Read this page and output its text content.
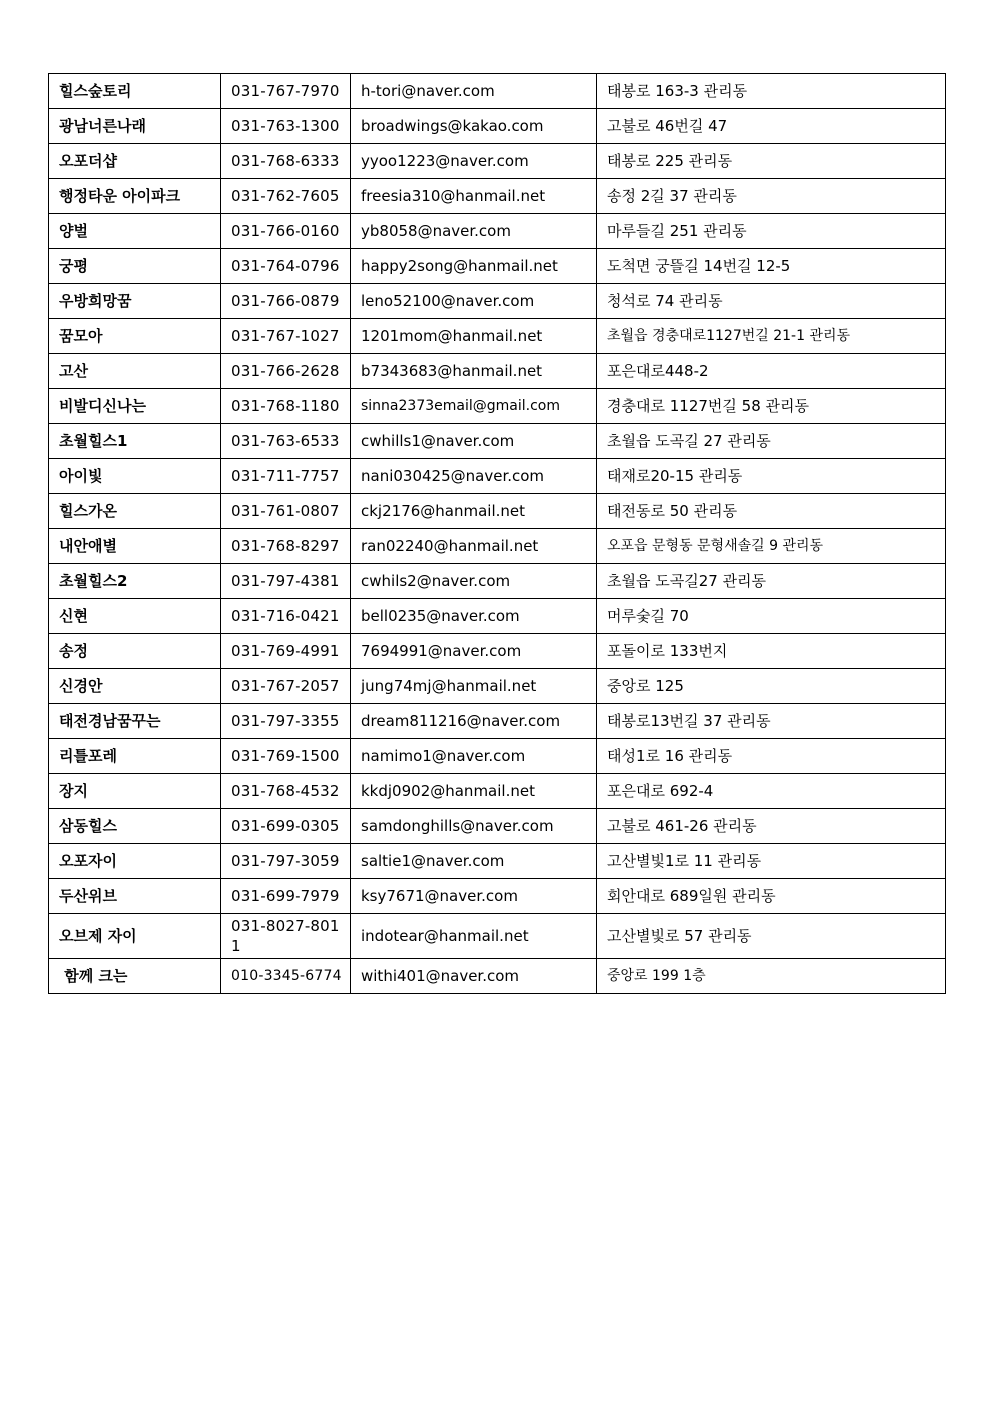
힐스숲토리	031-767-7970	h-tori@naver.com	태봉로 163-3 관리동
광남너른나래	031-763-1300	broadwings@kakao.com	고불로 46번길 47
오포더샵	031-768-6333	yyoo1223@naver.com	태봉로 225 관리동
행정타운 아이파크	031-762-7605	freesia310@hanmail.net	송정 2길 37 관리동
양벌	031-766-0160	yb8058@naver.com	마루들길 251 관리동
궁평	031-764-0796	happy2song@hanmail.net	도척면 궁뜰길 14번길 12-5
우방희망꿈	031-766-0879	leno52100@naver.com	청석로 74 관리동
꿈모아	031-767-1027	1201mom@hanmail.net	초월읍 경충대로1127번길 21-1 관리동
고산	031-766-2628	b7343683@hanmail.net	포은대로448-2
비발디신나는	031-768-1180	sinna2373email@gmail.com	경충대로 1127번길 58 관리동
초월힐스1	031-763-6533	cwhills1@naver.com	초월읍 도곡길 27 관리동
아이빛	031-711-7757	nani030425@naver.com	태재로20-15 관리동
힐스가온	031-761-0807	ckj2176@hanmail.net	태전동로 50 관리동
내안애별	031-768-8297	ran02240@hanmail.net	오포읍 문형동 문형새솔길 9 관리동
초월힐스2	031-797-4381	cwhils2@naver.com	초월읍 도곡길27 관리동
신현	031-716-0421	bell0235@naver.com	머루숯길 70
송정	031-769-4991	7694991@naver.com	포돌이로 133번지
신경안	031-767-2057	jung74mj@hanmail.net	중앙로 125
태전경남꿈꾸는	031-797-3355	dream811216@naver.com	태봉로13번길 37 관리동
리틀포레	031-769-1500	namimo1@naver.com	태성1로 16 관리동
장지	031-768-4532	kkdj0902@hanmail.net	포은대로 692-4
삼동힐스	031-699-0305	samdonghills@naver.com	고불로 461-26 관리동
오포자이	031-797-3059	saltie1@naver.com	고산별빛1로 11 관리동
두산위브	031-699-7979	ksy7671@naver.com	회안대로 689일원 관리동
오브제 자이	031-8027-8011	indotear@hanmail.net	고산별빛로 57 관리동
함께 크는	010-3345-6774	withi401@naver.com	중앙로 199 1층
